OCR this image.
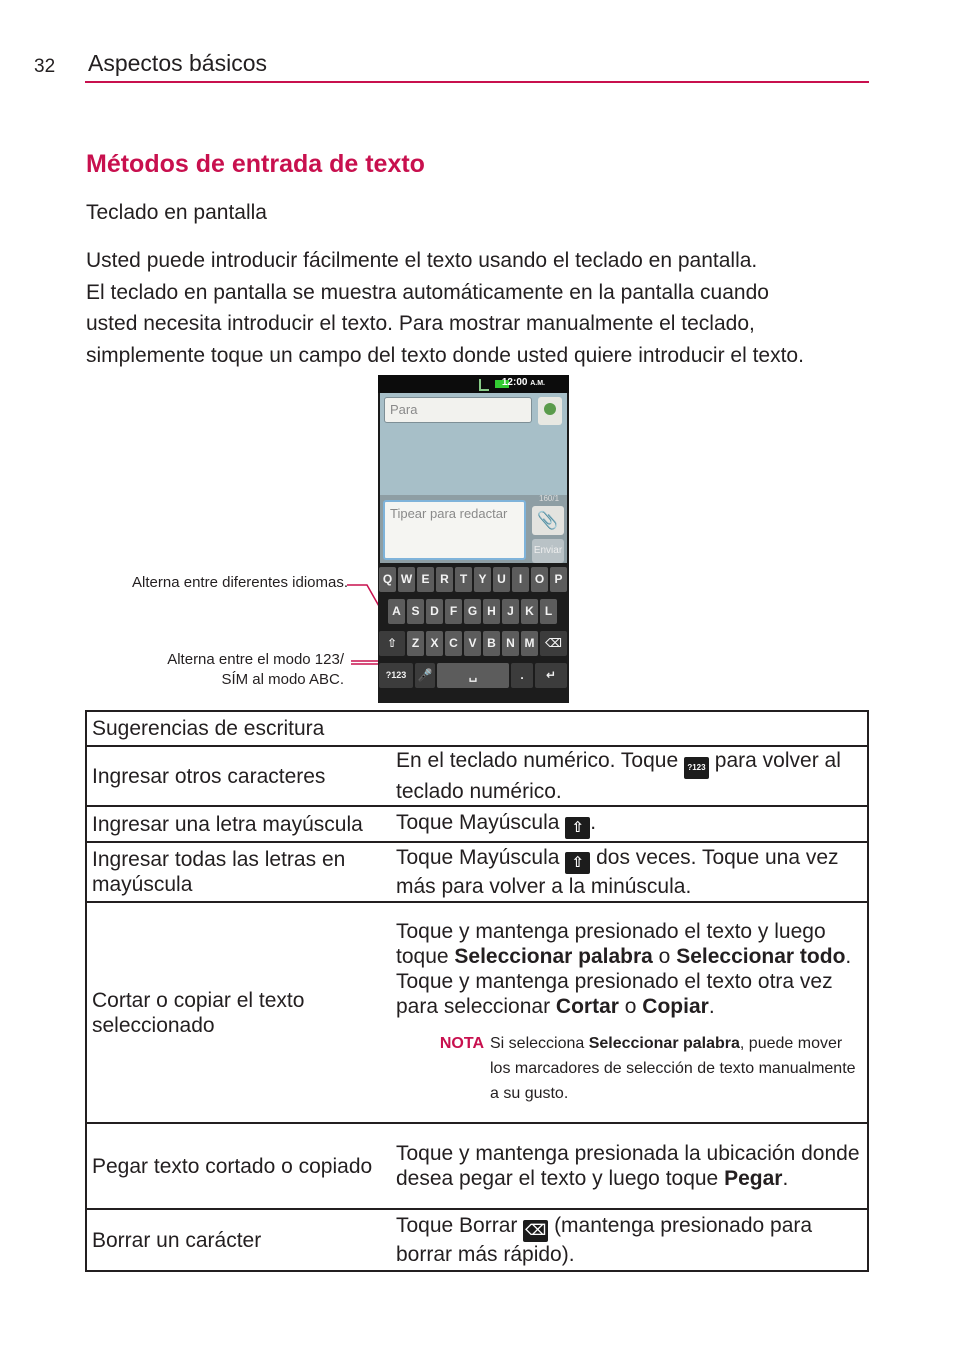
32 Aspectos básicos
Métodos de entrada de texto
Teclado en pantalla

Usted puede introducir fácilmente el texto usando el teclado en pantalla.

El teclado en pantalla se muestra automáticamente en la pantalla cuando

usted necesita introducir el texto. Para mostrar manualmente el teclado,

simplemente toque un campo del texto donde usted quiere introducir el texto.

Alterna entre diferentes idiomas.
Alterna entre el modo 123/
SÍM al modo ABC.
12:00 A.M.
Para
Tipear para redactar
160/1
📎
Enviar
Q W E R T Y U	I	O P
A S D F G H J K L
⇧	Z X C V B N M ⌫
?123 🎤	␣	.	↵
Sugerencias de escritura	
Ingresar otros caracteres	En el teclado numérico. Toque ?123 para volver al teclado numérico.
Ingresar una letra mayúscula	Toque Mayúscula ⇧ .
Ingresar todas las letras en mayúscula	Toque Mayúscula ⇧ dos veces. Toque una vez más para volver a la minúscula.
Cortar o copiar el texto seleccionado	Toque y mantenga presionado el texto y luego toque Seleccionar palabra o Seleccionar todo. Toque y mantenga presionado el texto otra vez para seleccionar Cortar o Copiar.
NOTA Si selecciona Seleccionar palabra, puede mover los marcadores de selección de texto manualmente a su gusto.

Pegar texto cortado o copiado	Toque y mantenga presionada la ubicación donde desea pegar el texto y luego toque Pegar.
Borrar un carácter	Toque Borrar ⌫ (mantenga presionado para borrar más rápido).
